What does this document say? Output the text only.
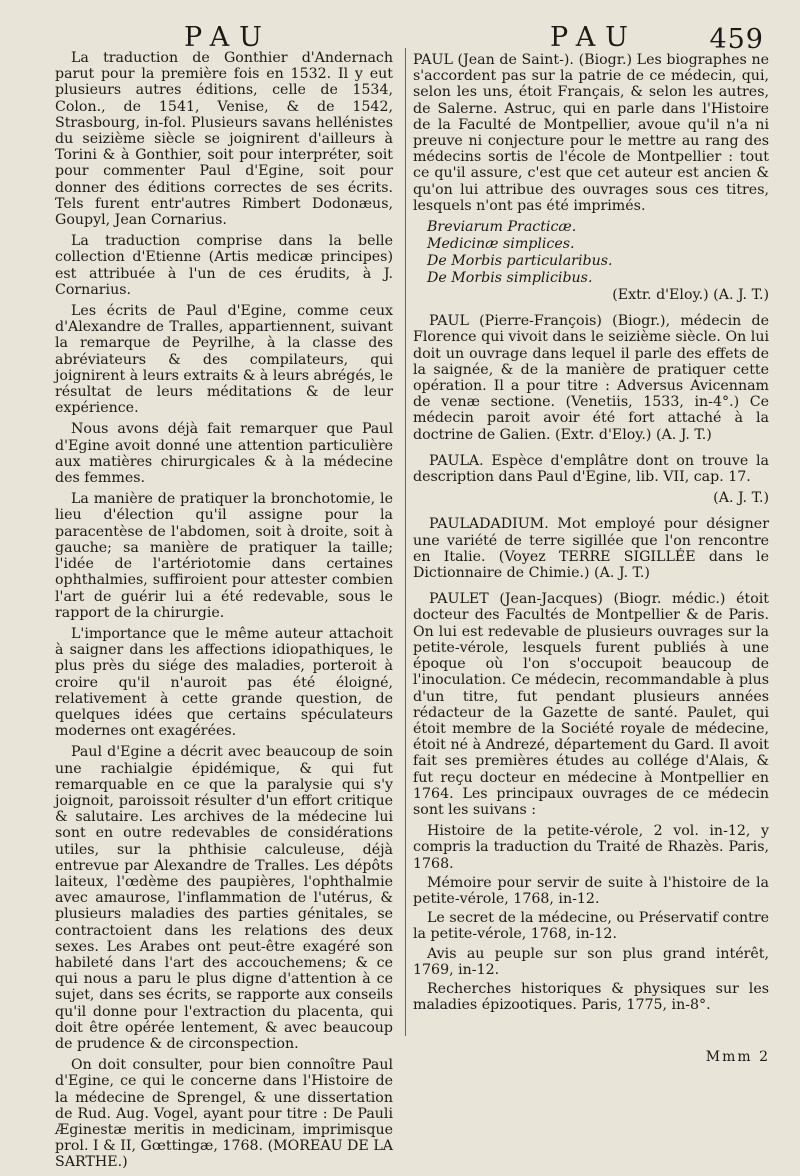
PAU	PAU	459

La traduction de Gonthier d'Andernach parut pour la première fois en 1532. Il y eut plusieurs autres éditions, celle de 1534, Colon., de 1541, Venise, & de 1542, Strasbourg, in-fol. Plusieurs savans hellénistes du seizième siècle se joignirent d'ailleurs à Torini & à Gonthier, soit pour interpréter, soit pour commenter Paul d'Egine, soit pour donner des éditions correctes de ses écrits. Tels furent entr'autres Rimbert Dodonæus, Goupyl, Jean Cornarius.

La traduction comprise dans la belle collection d'Etienne (Artis medicæ principes) est attribuée à l'un de ces érudits, à J. Cornarius.

Les écrits de Paul d'Egine, comme ceux d'Alexandre de Tralles, appartiennent, suivant la remarque de Peyrilhe, à la classe des abréviateurs & des compilateurs, qui joignirent à leurs extraits & à leurs abrégés, le résultat de leurs méditations & de leur expérience.

Nous avons déjà fait remarquer que Paul d'Egine avoit donné une attention particulière aux matières chirurgicales & à la médecine des femmes.

La manière de pratiquer la bronchotomie, le lieu d'élection qu'il assigne pour la paracentèse de l'abdomen, soit à droite, soit à gauche; sa manière de pratiquer la taille; l'idée de l'artériotomie dans certaines ophthalmies, suffiroient pour attester combien l'art de guérir lui a été redevable, sous le rapport de la chirurgie.

L'importance que le même auteur attachoit à saigner dans les affections idiopathiques, le plus près du siége des maladies, porteroit à croire qu'il n'auroit pas été éloigné, relativement à cette grande question, de quelques idées que certains spéculateurs modernes ont exagérées.

Paul d'Egine a décrit avec beaucoup de soin une rachialgie épidémique, & qui fut remarquable en ce que la paralysie qui s'y joignoit, paroissoit résulter d'un effort critique & salutaire. Les archives de la médecine lui sont en outre redevables de considérations utiles, sur la phthisie calculeuse, déjà entrevue par Alexandre de Tralles. Les dépôts laiteux, l'œdème des paupières, l'ophthalmie avec amaurose, l'inflammation de l'utérus, & plusieurs maladies des parties génitales, se contractoient dans les relations des deux sexes. Les Arabes ont peut-être exagéré son habileté dans l'art des accouchemens; & ce qui nous a paru le plus digne d'attention à ce sujet, dans ses écrits, se rapporte aux conseils qu'il donne pour l'extraction du placenta, qui doit être opérée lentement, & avec beaucoup de prudence & de circonspection.

On doit consulter, pour bien connoître Paul d'Egine, ce qui le concerne dans l'Histoire de la médecine de Sprengel, & une dissertation de Rud. Aug. Vogel, ayant pour titre : De Pauli Æginestæ meritis in medicinam, imprimisque prol. I & II, Gœttingæ, 1768. (MOREAU DE LA SARTHE.)

PAUL (Jean de Saint-). (Biogr.) Les biographes ne s'accordent pas sur la patrie de ce médecin, qui, selon les uns, étoit Français, & selon les autres, de Salerne. Astruc, qui en parle dans l'Histoire de la Faculté de Montpellier, avoue qu'il n'a ni preuve ni conjecture pour le mettre au rang des médecins sortis de l'école de Montpellier : tout ce qu'il assure, c'est que cet auteur est ancien & qu'on lui attribue des ouvrages sous ces titres, lesquels n'ont pas été imprimés.

Breviarum Practicæ.
Medicinæ simplices.
De Morbis particularibus.
De Morbis simplicibus.

(Extr. d'Eloy.) (A. J. T.)

PAUL (Pierre-François) (Biogr.), médecin de Florence qui vivoit dans le seizième siècle. On lui doit un ouvrage dans lequel il parle des effets de la saignée, & de la manière de pratiquer cette opération. Il a pour titre : Adversus Avicennam de venæ sectione. (Venetiis, 1533, in-4°.) Ce médecin paroit avoir été fort attaché à la doctrine de Galien. (Extr. d'Eloy.) (A. J. T.)

PAULA. Espèce d'emplâtre dont on trouve la description dans Paul d'Egine, lib. VII, cap. 17.

(A. J. T.)

PAULADADIUM. Mot employé pour désigner une variété de terre sigillée que l'on rencontre en Italie. (Voyez TERRE SIGILLÉE dans le Dictionnaire de Chimie.) (A. J. T.)

PAULET (Jean-Jacques) (Biogr. médic.) étoit docteur des Facultés de Montpellier & de Paris. On lui est redevable de plusieurs ouvrages sur la petite-vérole, lesquels furent publiés à une époque où l'on s'occupoit beaucoup de l'inoculation. Ce médecin, recommandable à plus d'un titre, fut pendant plusieurs années rédacteur de la Gazette de santé. Paulet, qui étoit membre de la Société royale de médecine, étoit né à Andrezé, département du Gard. Il avoit fait ses premières études au collége d'Alais, & fut reçu docteur en médecine à Montpellier en 1764. Les principaux ouvrages de ce médecin sont les suivans :

Histoire de la petite-vérole, 2 vol. in-12, y compris la traduction du Traité de Rhazès. Paris, 1768.
Mémoire pour servir de suite à l'histoire de la petite-vérole, 1768, in-12.
Le secret de la médecine, ou Préservatif contre la petite-vérole, 1768, in-12.
Avis au peuple sur son plus grand intérêt, 1769, in-12.
Recherches historiques & physiques sur les maladies épizootiques. Paris, 1775, in-8°.
Mmm 2
